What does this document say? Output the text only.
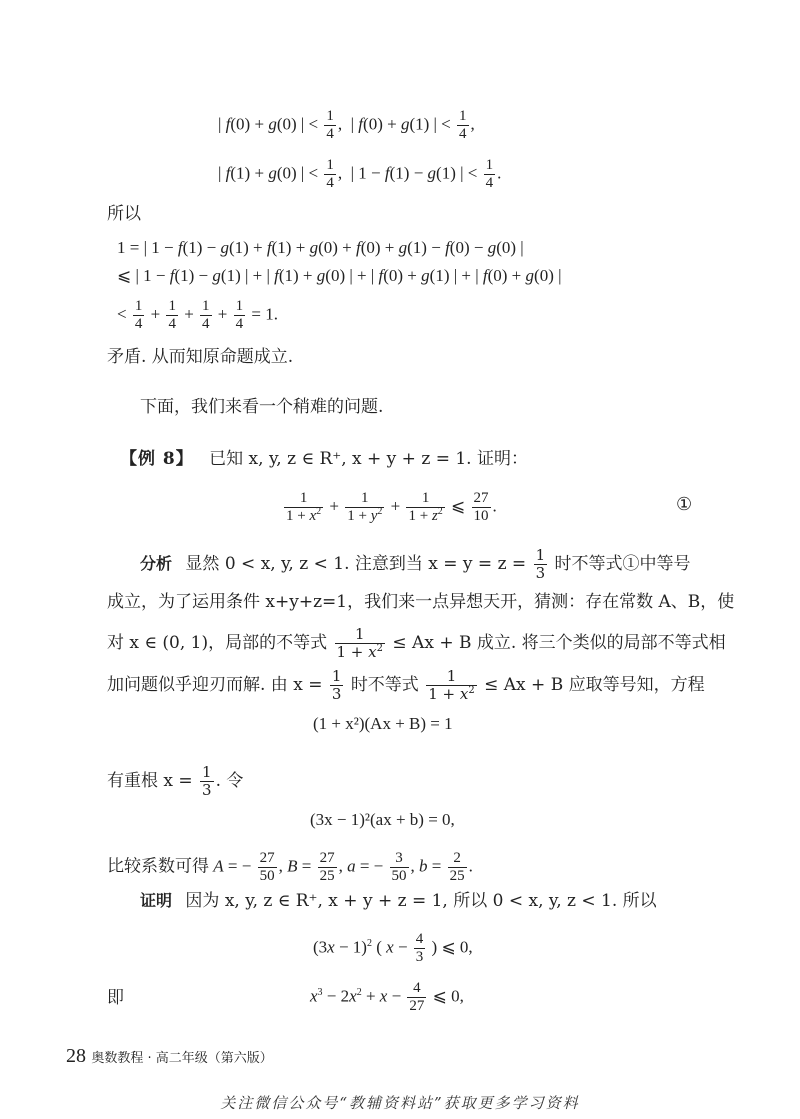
| f(0) + g(0) | < $\frac{1}{4}$ ,  | f(0) + g(1) | < $\frac{1}{4}$ ,
| f(1) + g(0) | < $\frac{1}{4}$ ,  | 1 − f(1) − g(1) | < $\frac{1}{4}$ .
所以
1 = | 1 − f(1) − g(1) + f(1) + g(0) + f(0) + g(1) − f(0) − g(0) |
⩽ | 1 − f(1) − g(1) | + | f(1) + g(0) | + | f(0) + g(1) | + | f(0) + g(0) |
< $\frac{1}{4} + \frac{1}{4} + \frac{1}{4} + \frac{1}{4} = 1$.
矛盾. 从而知原命题成立.
下面，我们来看一个稍难的问题.
【例 8】 已知 x, y, z ∈ R⁺, x + y + z = 1. 证明：
$\frac{1}{1 + x^2} + \frac{1}{1 + y^2} + \frac{1}{1 + z^2}$ ⩽ $\frac{27}{10}$ .	①
分析 显然 0 < x, y, z < 1. 注意到当 $x = y = z = \frac{1}{3}$ 时不等式①中等号
成立，为了运用条件 x+y+z=1，我们来一点异想天开，猜测：存在常数 A、B，使
对 x ∈ (0, 1)，局部的不等式 $\frac{1}{1 + x^2} \le Ax + B$ 成立. 将三个类似的局部不等式相
加问题似乎迎刃而解. 由 $x = \frac{1}{3}$ 时不等式 $\frac{1}{1 + x^2} \le Ax + B$ 应取等号知，方程
(1 + x²)(Ax + B) = 1
有重根 $x = \frac{1}{3}$ . 令
(3x − 1)²(ax + b) = 0,
比较系数可得 A = − $\frac{27}{50}$ , $B = \frac{27}{25}$ , a = − $\frac{3}{50}$ , $b = \frac{2}{25}$ .
证明 因为 x, y, z ∈ R⁺, x + y + z = 1, 所以 0 < x, y, z < 1. 所以
$(3x - 1)^2$ ( $x - \frac{4}{3}$ ) ⩽ 0,
即	$x^3 - 2x^2 + x - \frac{4}{27}$ ⩽ 0,
28 奥数教程 · 高二年级（第六版）
关注微信公众号“教辅资料站”获取更多学习资料
